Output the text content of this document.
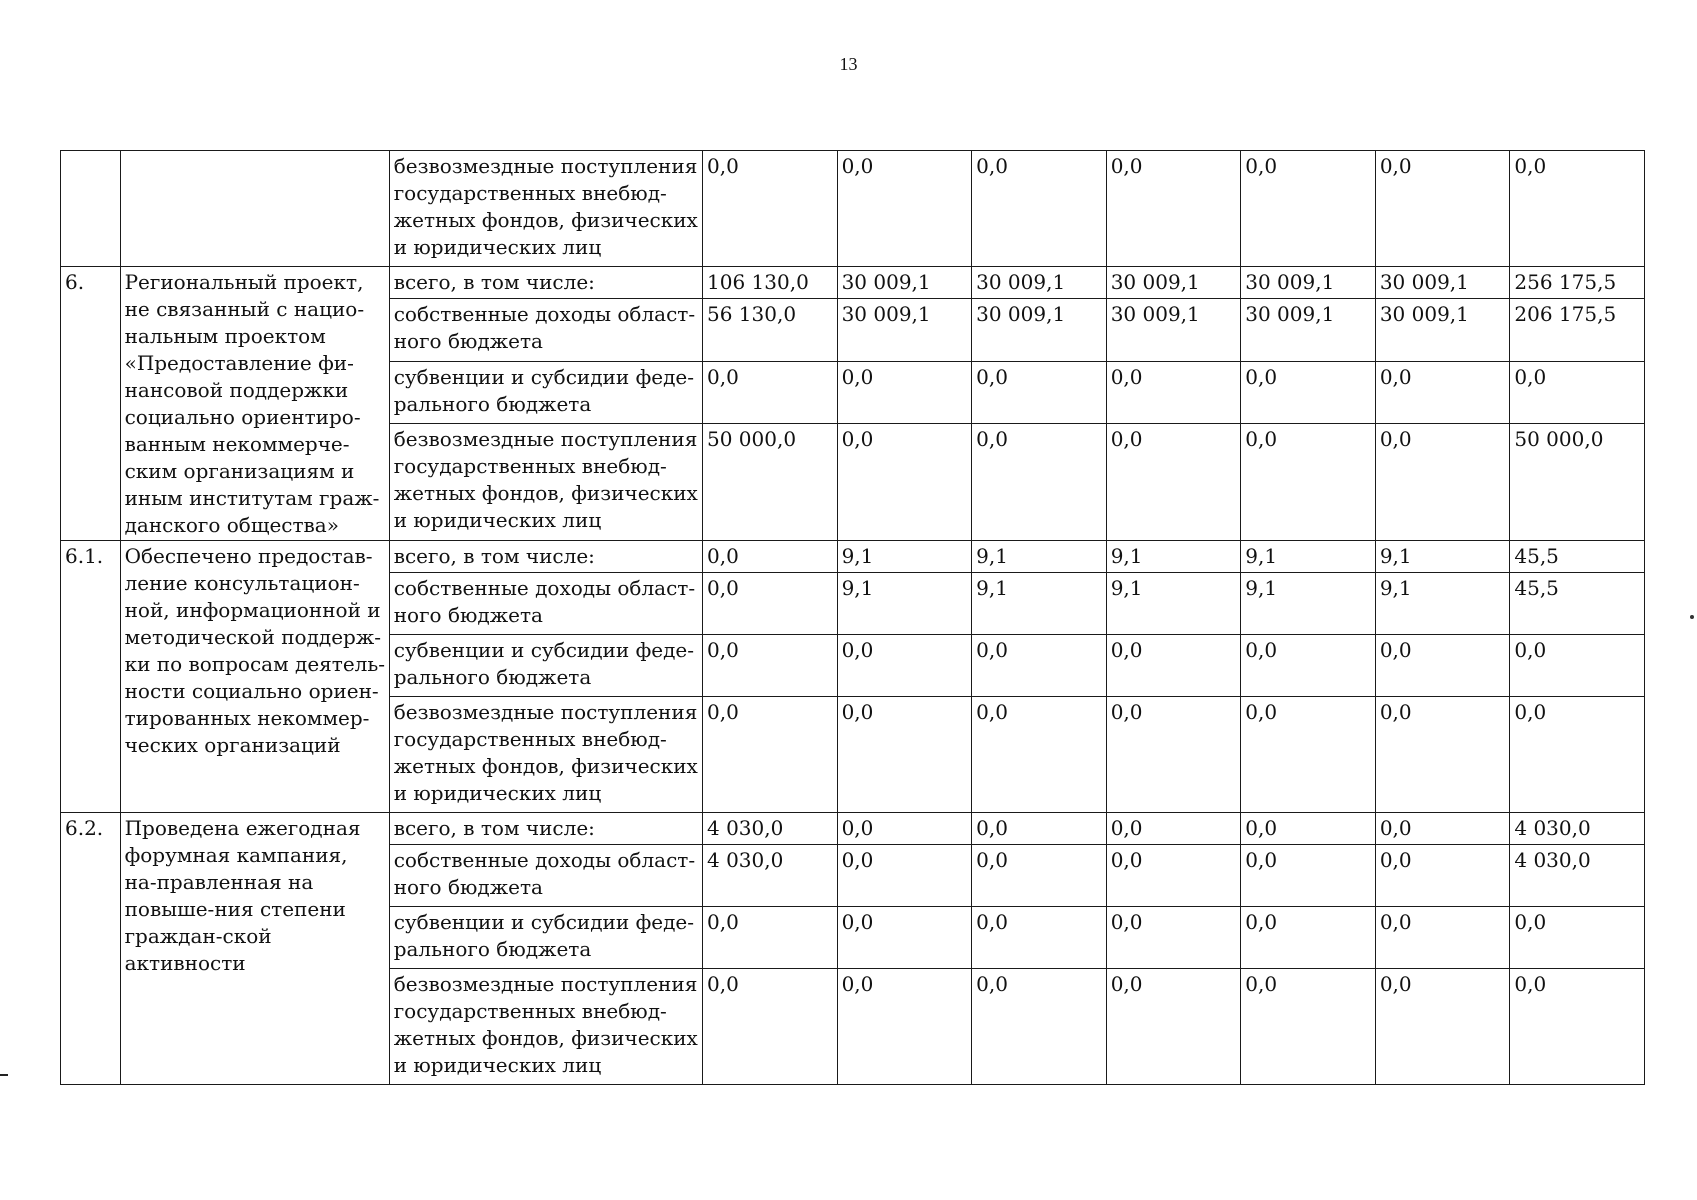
13
		безвозмездные поступления государственных внебюд-жетных фондов, физических и юридических лиц	0,0	0,0	0,0	0,0	0,0	0,0	0,0
6.	Региональный проект, не связанный с нацио-нальным проектом «Предоставление фи-нансовой поддержки социально ориентиро-ванным некоммерче-ским организациям и иным институтам граж-данского общества»	всего, в том числе:	106 130,0	30 009,1	30 009,1	30 009,1	30 009,1	30 009,1	256 175,5
		собственные доходы област-ного бюджета	56 130,0	30 009,1	30 009,1	30 009,1	30 009,1	30 009,1	206 175,5
		субвенции и субсидии феде-рального бюджета	0,0	0,0	0,0	0,0	0,0	0,0	0,0
		безвозмездные поступления государственных внебюд-жетных фондов, физических и юридических лиц	50 000,0	0,0	0,0	0,0	0,0	0,0	50 000,0
6.1.	Обеспечено предостав-ление консультацион-ной, информационной и методической поддерж-ки по вопросам деятель-ности социально ориен-тированных некоммер-ческих организаций	всего, в том числе:	0,0	9,1	9,1	9,1	9,1	9,1	45,5
		собственные доходы област-ного бюджета	0,0	9,1	9,1	9,1	9,1	9,1	45,5
		субвенции и субсидии феде-рального бюджета	0,0	0,0	0,0	0,0	0,0	0,0	0,0
		безвозмездные поступления государственных внебюд-жетных фондов, физических и юридических лиц	0,0	0,0	0,0	0,0	0,0	0,0	0,0
6.2.	Проведена ежегодная форумная кампания, на-правленная на повыше-ния степени граждан-ской активности	всего, в том числе:	4 030,0	0,0	0,0	0,0	0,0	0,0	4 030,0
		собственные доходы област-ного бюджета	4 030,0	0,0	0,0	0,0	0,0	0,0	4 030,0
		субвенции и субсидии феде-рального бюджета	0,0	0,0	0,0	0,0	0,0	0,0	0,0
		безвозмездные поступления государственных внебюд-жетных фондов, физических и юридических лиц	0,0	0,0	0,0	0,0	0,0	0,0	0,0
